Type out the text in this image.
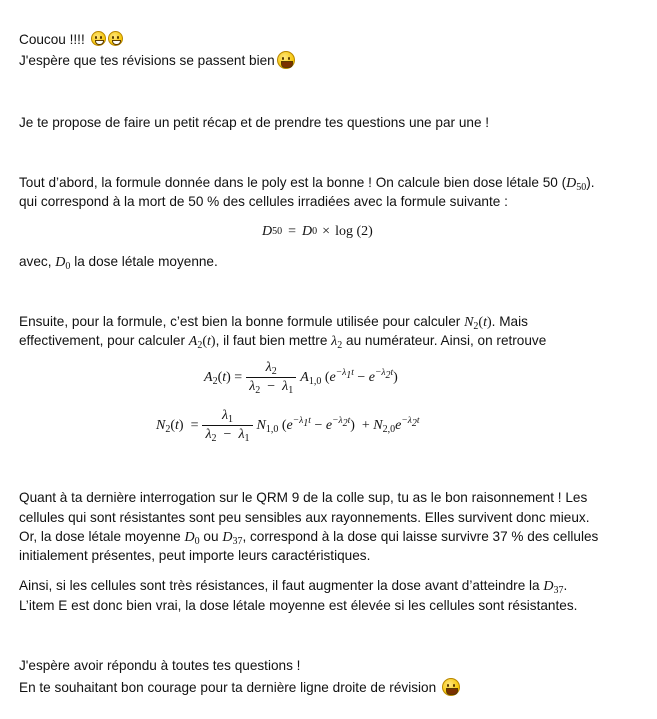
Coucou !!!!
J'espère que tes révisions se passent bien
Je te propose de faire un petit récap et de prendre tes questions une par une !
Tout d’abord, la formule donnée dans le poly est la bonne ! On calcule bien dose létale 50 $(D_{50})$.
qui correspond à la mort de 50 % des cellules irradiées avec la formule suivante :
D 50 = D 0 × log (2)
avec, $D_0$ la dose létale moyenne.
Ensuite, pour la formule, c’est bien la bonne formule utilisée pour calculer $N_2(t)$. Mais
effectivement, pour calculer $A_2(t)$, il faut bien mettre $\lambda_2$ au numérateur. Ainsi, on retrouve
$A_2(t) = \frac{\lambda_2}{\lambda_2 - \lambda_1} A_{1,0}$ $(e^{-\lambda_1t} - e^{-\lambda_2t})$
$N_2(t) = \frac{\lambda_1}{\lambda_2 - \lambda_1} N_{1,0}$ $(e^{-\lambda_1t} - e^{-\lambda_2t}) + N_{2,0}e^{-\lambda_2t}$
Quant à ta dernière interrogation sur le QRM 9 de la colle sup, tu as le bon raisonnement ! Les
cellules qui sont résistantes sont peu sensibles aux rayonnements. Elles survivent donc mieux.
Or, la dose létale moyenne $D_0$ ou $D_{37}$, correspond à la dose qui laisse survivre 37 % des cellules
initialement présentes, peut importe leurs caractéristiques.
Ainsi, si les cellules sont très résistances, il faut augmenter la dose avant d’atteindre la $D_{37}$.
L’item E est donc bien vrai, la dose létale moyenne est élevée si les cellules sont résistantes.
J'espère avoir répondu à toutes tes questions !
En te souhaitant bon courage pour ta dernière ligne droite de révision
